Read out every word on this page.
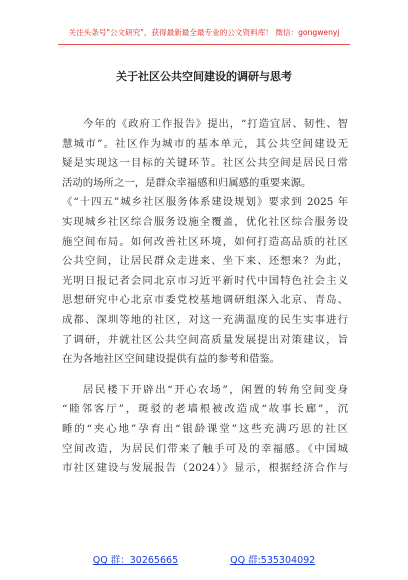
关注头条号"公文研究"，获得最新最全最专业的公文资料库！ 微信：gongwenyj
关于社区公共空间建设的调研与思考
今年的《政府工作报告》提出，“打造宜居、韧性、智
慧城市”。社区作为城市的基本单元，其公共空间建设无
疑是实现这一目标的关键环节。社区公共空间是居民日常
活动的场所之一，是群众幸福感和归属感的重要来源。
《“十四五”城乡社区服务体系建设规划》要求到 2025 年
实现城乡社区综合服务设施全覆盖，优化社区综合服务设
施空间布局。如何改善社区环境，如何打造高品质的社区
公共空间，让居民群众走进来、坐下来、还想来？为此，
光明日报记者会同北京市习近平新时代中国特色社会主义
思想研究中心北京市委党校基地调研组深入北京、青岛、
成都、深圳等地的社区，对这一充满温度的民生实事进行
了调研，并就社区公共空间高质量发展提出对策建议，旨
在为各地社区空间建设提供有益的参考和借鉴。
居民楼下开辟出“开心农场”，闲置的转角空间变身
“睦邻客厅”，斑驳的老墙根被改造成“故事长廊”，沉
睡的“夹心地”孕育出“银龄课堂”这些充满巧思的社区
空间改造，为居民们带来了触手可及的幸福感。《中国城
市社区建设与发展报告（2024）》显示，根据经济合作与
QQ 群：30265665	QQ 群:535304092
